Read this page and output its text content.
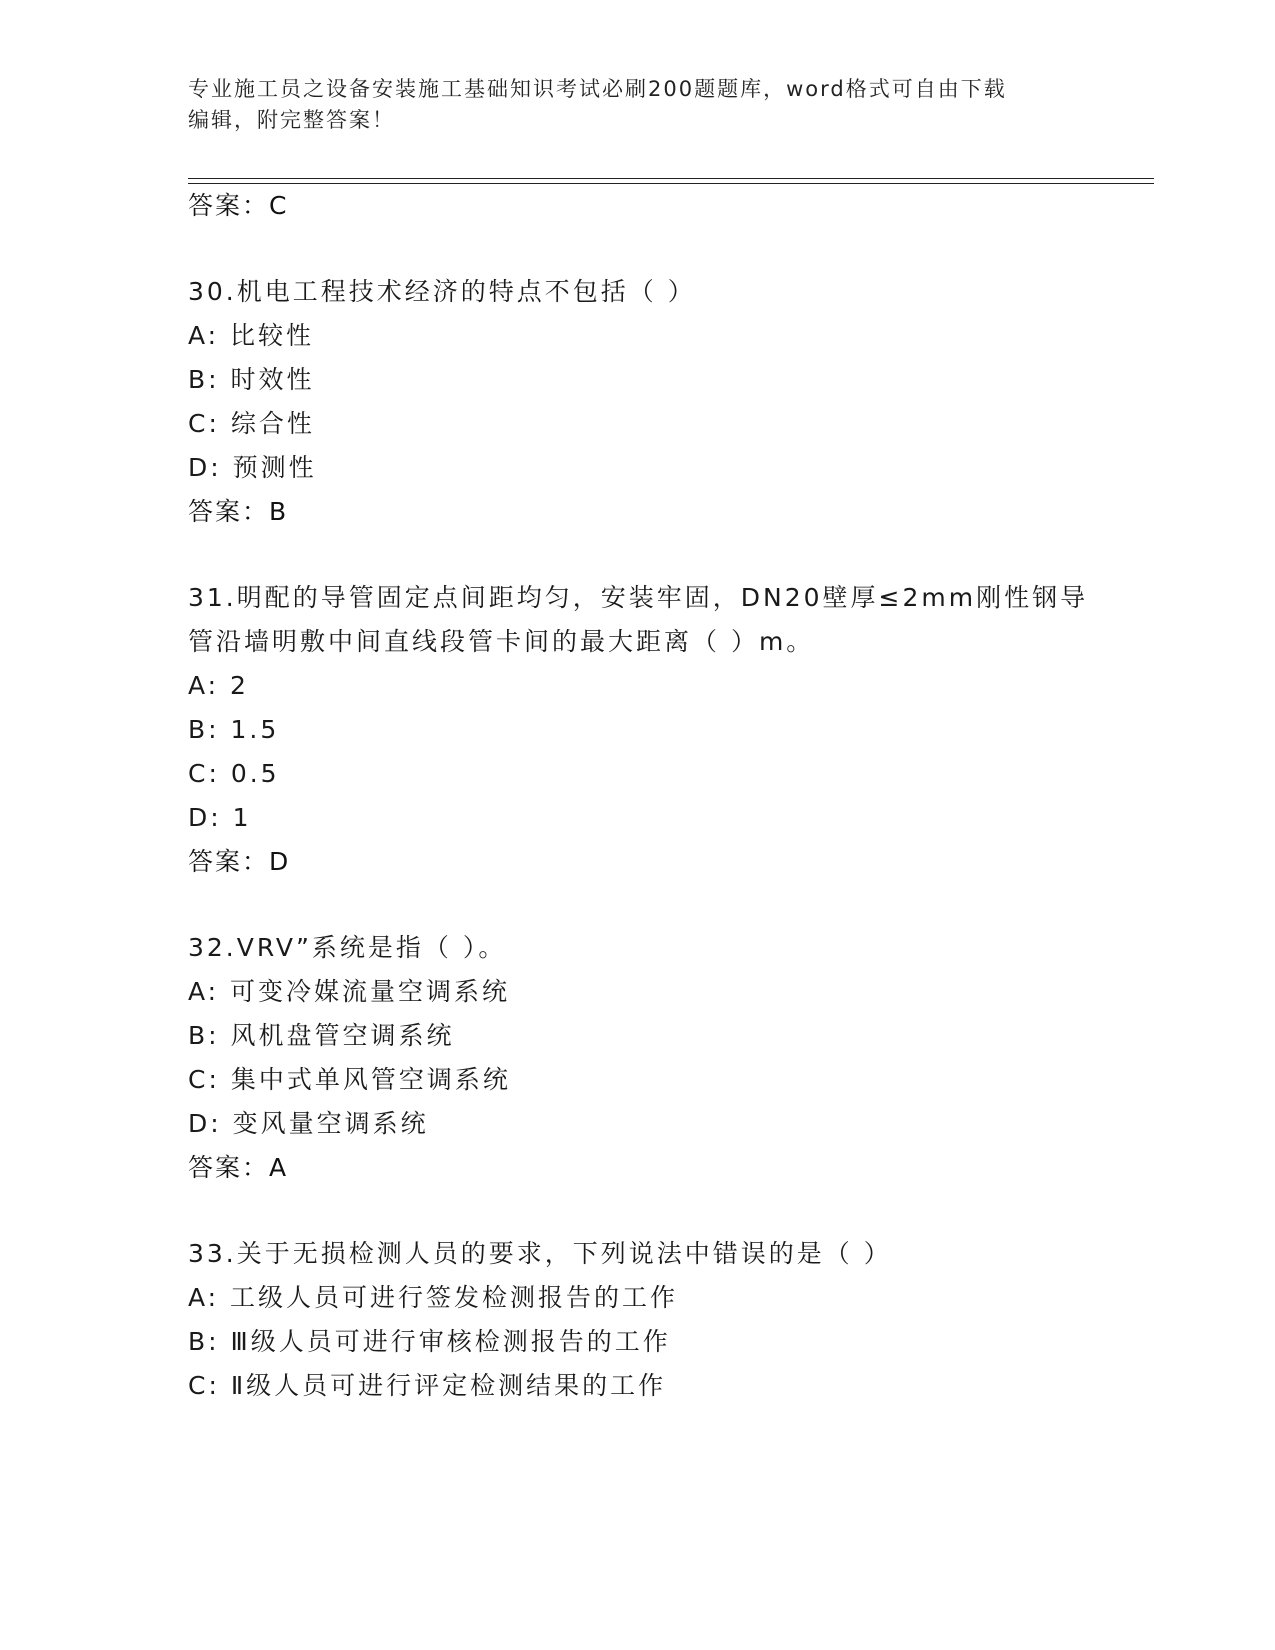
专业施工员之设备安装施工基础知识考试必刷200题题库，word格式可自由下载
编辑，附完整答案！
答案：C
30.机电工程技术经济的特点不包括（ ）
A: 比较性
B: 时效性
C: 综合性
D: 预测性
答案：B
31.明配的导管固定点间距均匀，安装牢固，DN20壁厚≤2mm刚性钢导
管沿墙明敷中间直线段管卡间的最大距离（ ）m。
A: 2
B: 1.5
C: 0.5
D: 1
答案：D
32.VRV”系统是指（ ）。
A: 可变冷媒流量空调系统
B: 风机盘管空调系统
C: 集中式单风管空调系统
D: 变风量空调系统
答案：A
33.关于无损检测人员的要求，下列说法中错误的是（ ）
A: 工级人员可进行签发检测报告的工作
B: Ⅲ级人员可进行审核检测报告的工作
C: Ⅱ级人员可进行评定检测结果的工作
